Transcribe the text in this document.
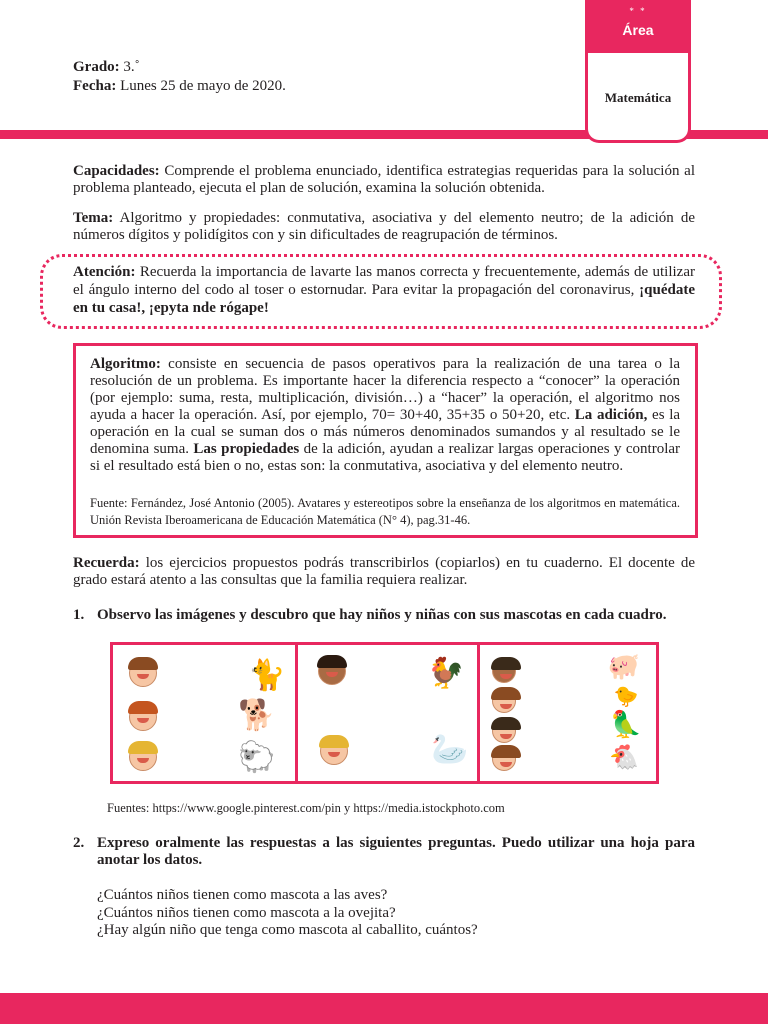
* *
Área
Matemática
Grado: 3.˚
Fecha: Lunes 25 de mayo de 2020.
Capacidades: Comprende el problema enunciado, identifica estrategias requeridas para la solución al problema planteado, ejecuta el plan de solución, examina la solución obtenida.
Tema: Algoritmo y propiedades: conmutativa, asociativa y del elemento neutro; de la adición de números dígitos y polidígitos con y sin dificultades de reagrupación de términos.
Atención: Recuerda la importancia de lavarte las manos correcta y frecuentemente, además de utilizar el ángulo interno del codo al toser o estornudar. Para evitar la propagación del coronavirus, ¡quédate en tu casa!, ¡epyta nde rógape!
Algoritmo: consiste en secuencia de pasos operativos para la realización de una tarea o la resolución de un problema. Es importante hacer la diferencia respecto a “conocer” la operación (por ejemplo: suma, resta, multiplicación, división…) a “hacer” la operación, el algoritmo nos ayuda a hacer la operación. Así, por ejemplo, 70= 30+40, 35+35 o 50+20, etc. La adición, es la operación en la cual se suman dos o más números denominados sumandos y al resultado se le denomina suma. Las propiedades de la adición, ayudan a realizar largas operaciones y controlar si el resultado está bien o no, estas son: la conmutativa, asociativa y del elemento neutro.
Fuente: Fernández, José Antonio (2005). Avatares y estereotipos sobre la enseñanza de los algoritmos en matemática. Unión Revista Iberoamericana de Educación Matemática (N° 4), pag.31-46.
Recuerda: los ejercicios propuestos podrás transcribirlos (copiarlos) en tu cuaderno. El docente de grado estará atento a las consultas que la familia requiera realizar.
1. Observo las imágenes y descubro que hay niños y niñas con sus mascotas en cada cuadro.
🐈
🐕
🐑
🐓
🦢
🐖
🐤
🦜
🐔
Fuentes: https://www.google.pinterest.com/pin y https://media.istockphoto.com
2. Expreso oralmente las respuestas a las siguientes preguntas. Puedo utilizar una hoja para anotar los datos.
¿Cuántos niños tienen como mascota a las aves?
¿Cuántos niños tienen como mascota a la ovejita?
¿Hay algún niño que tenga como mascota al caballito, cuántos?
